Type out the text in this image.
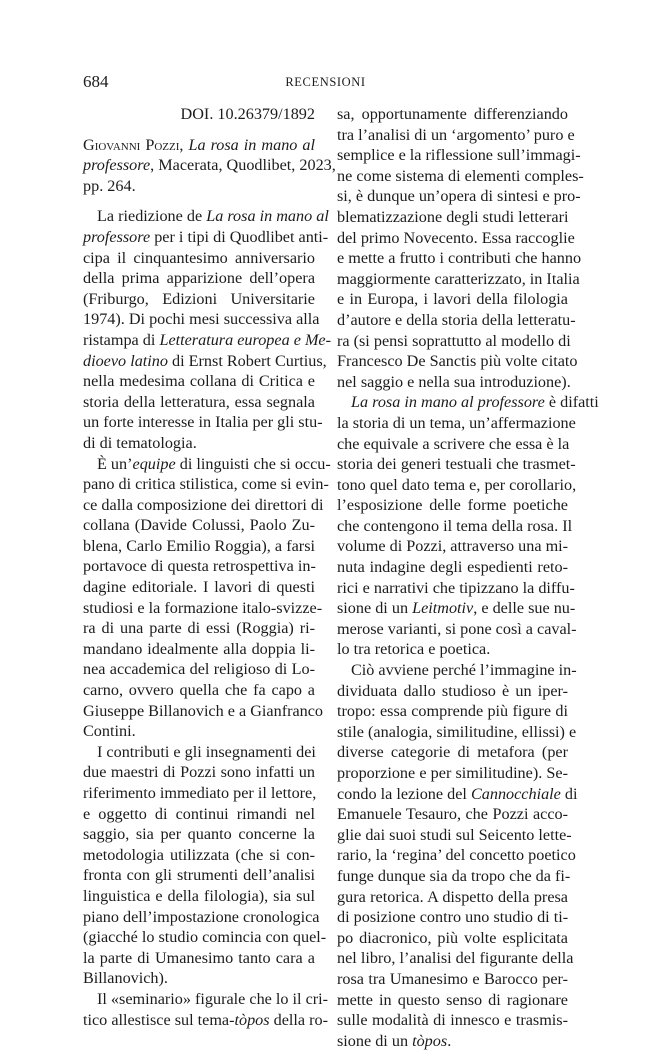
684	RECENSIONI
DOI. 10.26379/1892
Giovanni Pozzi, La rosa in mano al
professore, Macerata, Quodlibet, 2023,
pp. 264.
La riedizione de La rosa in mano al
professore per i tipi di Quodlibet anti-
cipa il cinquantesimo anniversario
della prima apparizione dell’opera
(Friburgo, Edizioni Universitarie
1974). Di pochi mesi successiva alla
ristampa di Letteratura europea e Me-
dioevo latino di Ernst Robert Curtius,
nella medesima collana di Critica e
storia della letteratura, essa segnala
un forte interesse in Italia per gli stu-
di di tematologia.
È un’equipe di linguisti che si occu-
pano di critica stilistica, come si evin-
ce dalla composizione dei direttori di
collana (Davide Colussi, Paolo Zu-
blena, Carlo Emilio Roggia), a farsi
portavoce di questa retrospettiva in-
dagine editoriale. I lavori di questi
studiosi e la formazione italo-svizze-
ra di una parte di essi (Roggia) ri-
mandano idealmente alla doppia li-
nea accademica del religioso di Lo-
carno, ovvero quella che fa capo a
Giuseppe Billanovich e a Gianfranco
Contini.
I contributi e gli insegnamenti dei
due maestri di Pozzi sono infatti un
riferimento immediato per il lettore,
e oggetto di continui rimandi nel
saggio, sia per quanto concerne la
metodologia utilizzata (che si con-
fronta con gli strumenti dell’analisi
linguistica e della filologia), sia sul
piano dell’impostazione cronologica
(giacché lo studio comincia con quel-
la parte di Umanesimo tanto cara a
Billanovich).
Il «seminario» figurale che lo il cri-
tico allestisce sul tema-tòpos della ro-
sa, opportunamente differenziando
tra l’analisi di un ‘argomento’ puro e
semplice e la riflessione sull’immagi-
ne come sistema di elementi comples-
si, è dunque un’opera di sintesi e pro-
blematizzazione degli studi letterari
del primo Novecento. Essa raccoglie
e mette a frutto i contributi che hanno
maggiormente caratterizzato, in Italia
e in Europa, i lavori della filologia
d’autore e della storia della letteratu-
ra (si pensi soprattutto al modello di
Francesco De Sanctis più volte citato
nel saggio e nella sua introduzione).
La rosa in mano al professore è difatti
la storia di un tema, un’affermazione
che equivale a scrivere che essa è la
storia dei generi testuali che trasmet-
tono quel dato tema e, per corollario,
l’esposizione delle forme poetiche
che contengono il tema della rosa. Il
volume di Pozzi, attraverso una mi-
nuta indagine degli espedienti reto-
rici e narrativi che tipizzano la diffu-
sione di un Leitmotiv, e delle sue nu-
merose varianti, si pone così a caval-
lo tra retorica e poetica.
Ciò avviene perché l’immagine in-
dividuata dallo studioso è un iper-
tropo: essa comprende più figure di
stile (analogia, similitudine, ellissi) e
diverse categorie di metafora (per
proporzione e per similitudine). Se-
condo la lezione del Cannocchiale di
Emanuele Tesauro, che Pozzi acco-
glie dai suoi studi sul Seicento lette-
rario, la ‘regina’ del concetto poetico
funge dunque sia da tropo che da fi-
gura retorica. A dispetto della presa
di posizione contro uno studio di ti-
po diacronico, più volte esplicitata
nel libro, l’analisi del figurante della
rosa tra Umanesimo e Barocco per-
mette in questo senso di ragionare
sulle modalità di innesco e trasmis-
sione di un tòpos.
